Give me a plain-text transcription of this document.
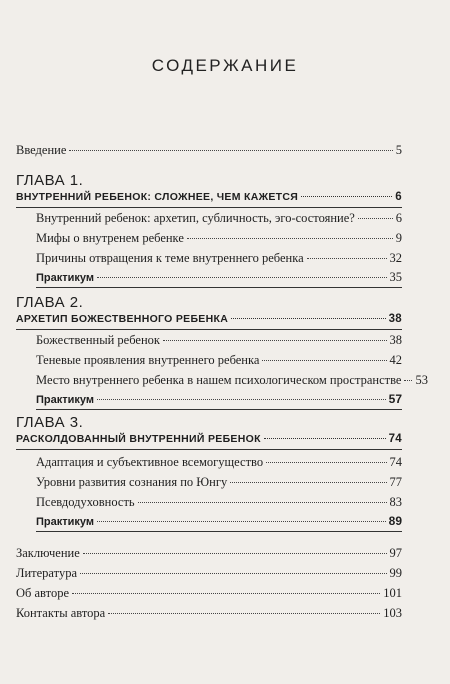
СОДЕРЖАНИЕ
Введение	5
ГЛАВА 1.
ВНУТРЕННИЙ РЕБЕНОК: СЛОЖНЕЕ, ЧЕМ КАЖЕТСЯ	6
Внутренний ребенок: архетип, субличность, эго-состояние?	6
Мифы о внутренем ребенке	9
Причины отвращения к теме внутреннего ребенка	32
Практикум	35
ГЛАВА 2.
АРХЕТИП БОЖЕСТВЕННОГО РЕБЕНКА	38
Божественный ребенок	38
Теневые проявления внутреннего ребенка	42
Место внутреннего ребенка в нашем психологическом пространстве 53
Практикум	57
ГЛАВА 3.
РАСКОЛДОВАННЫЙ ВНУТРЕННИЙ РЕБЕНОК	74
Адаптация и субъективное всемогущество	74
Уровни развития сознания по Юнгу	77
Псевдодуховность	83
Практикум	89
Заключение	97
Литература	99
Об авторе	101
Контакты автора	103
